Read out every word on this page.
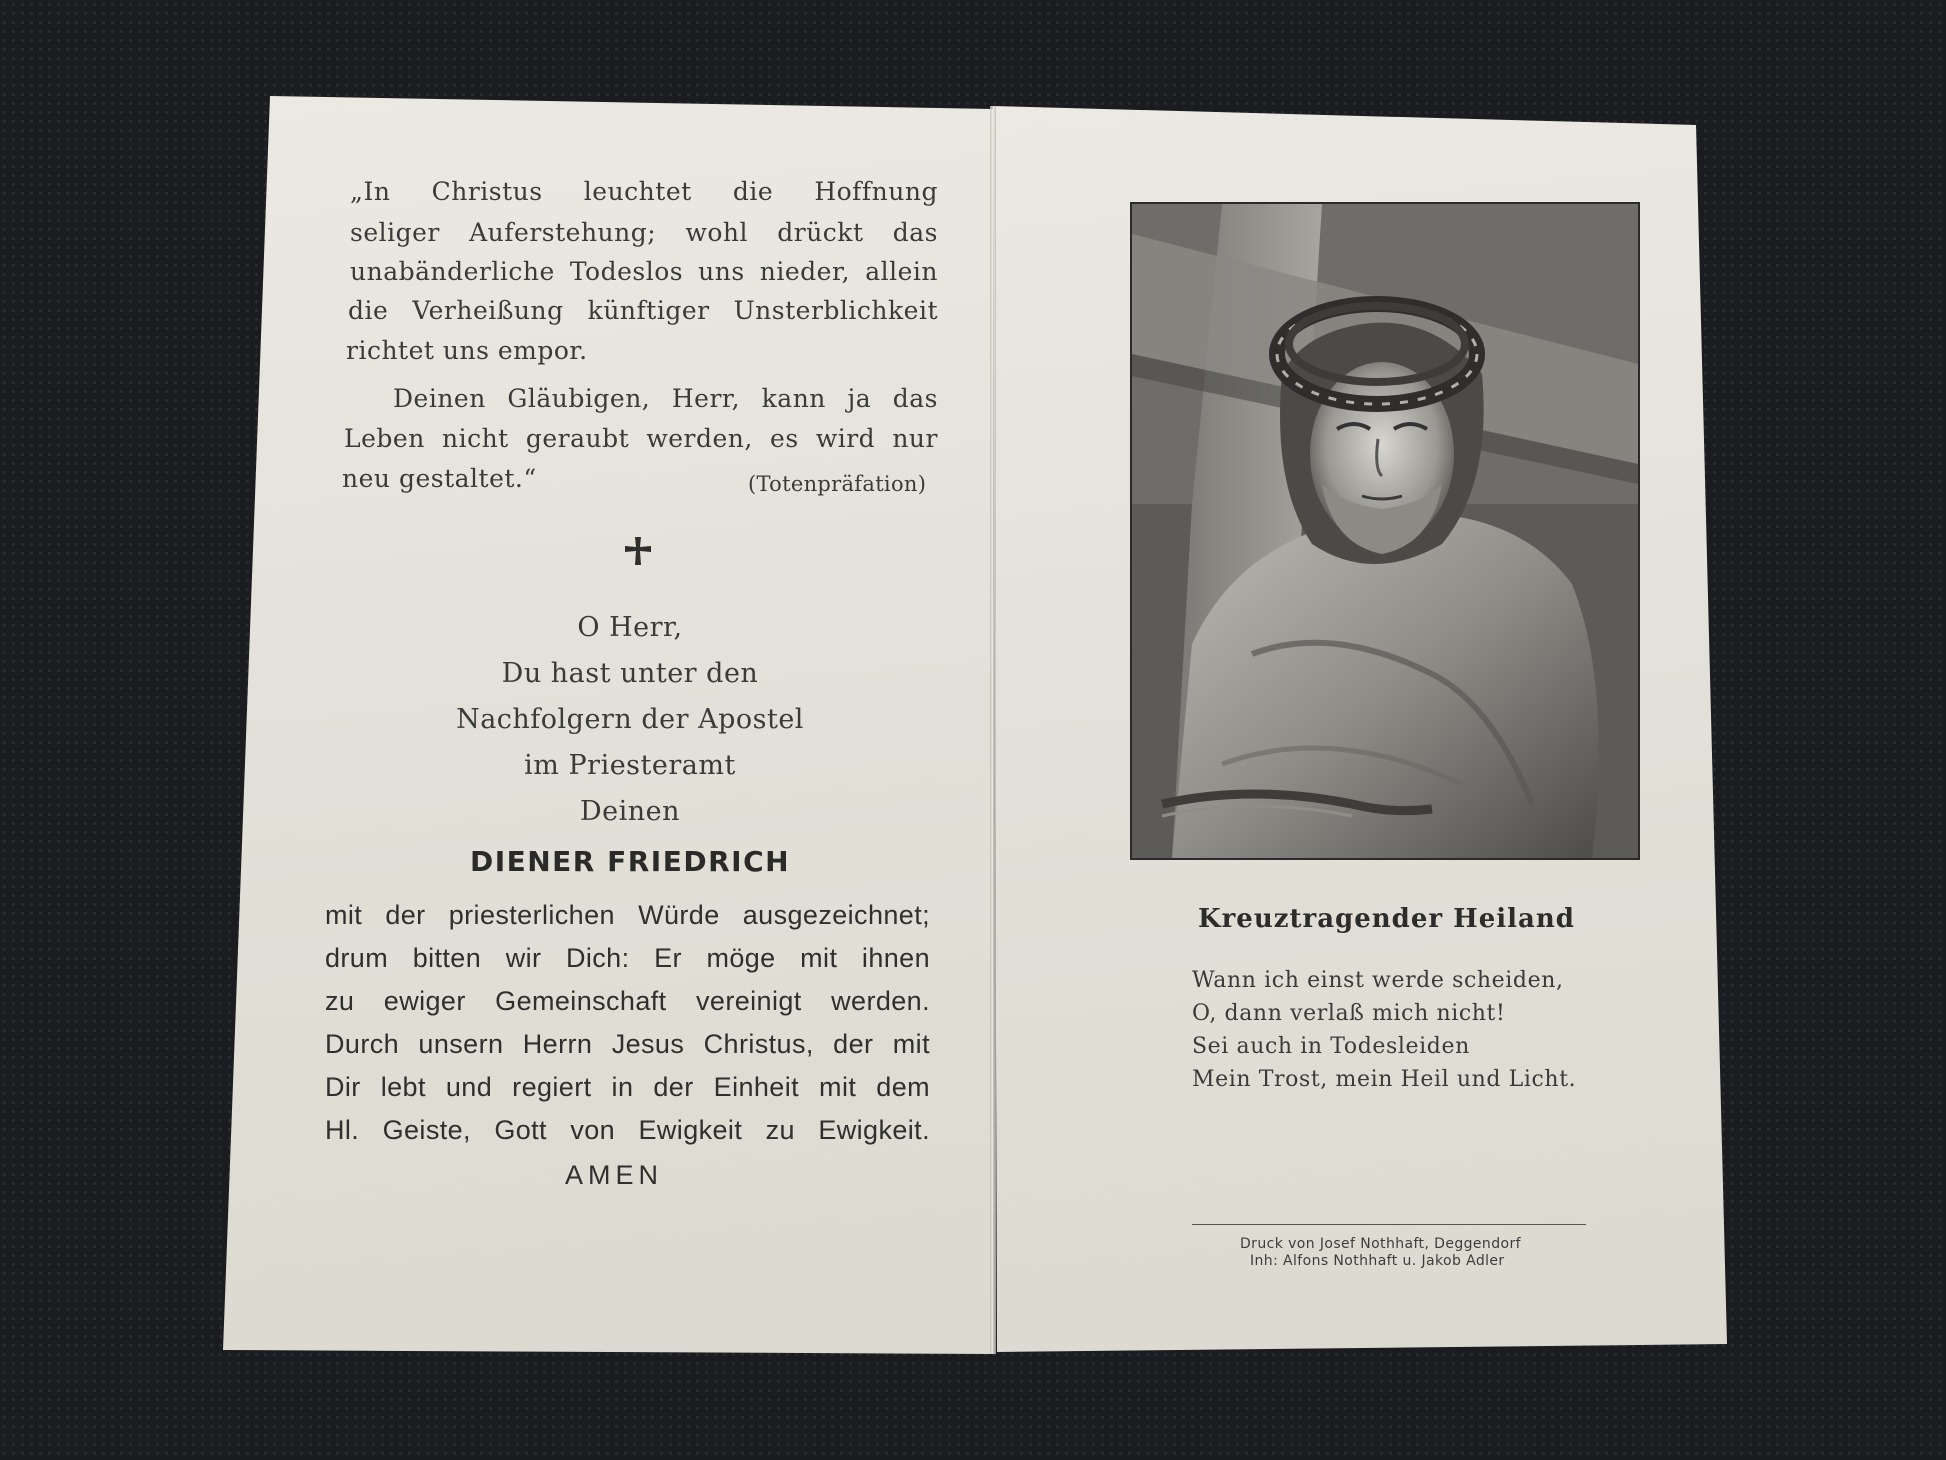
„In Christus leuchtet die Hoffnung
seliger Auferstehung; wohl drückt das
unabänderliche Todeslos uns nieder, allein
die Verheißung künftiger Unsterblichkeit
richtet uns empor.
Deinen Gläubigen, Herr, kann ja das
Leben nicht geraubt werden, es wird nur
neu gestaltet.“	(Totenpräfation)
O Herr,
Du hast unter den
Nachfolgern der Apostel
im Priesteramt
Deinen
DIENER FRIEDRICH
mit der priesterlichen Würde ausgezeichnet;
drum bitten wir Dich: Er möge mit ihnen
zu ewiger Gemeinschaft vereinigt werden.
Durch unsern Herrn Jesus Christus, der mit
Dir lebt und regiert in der Einheit mit dem
Hl. Geiste, Gott von Ewigkeit zu Ewigkeit.
AMEN
Kreuztragender Heiland
Wann ich einst werde scheiden,
O, dann verlaß mich nicht!
Sei auch in Todesleiden
Mein Trost, mein Heil und Licht.
Druck von Josef Nothhaft, Deggendorf
Inh: Alfons Nothhaft u. Jakob Adler
